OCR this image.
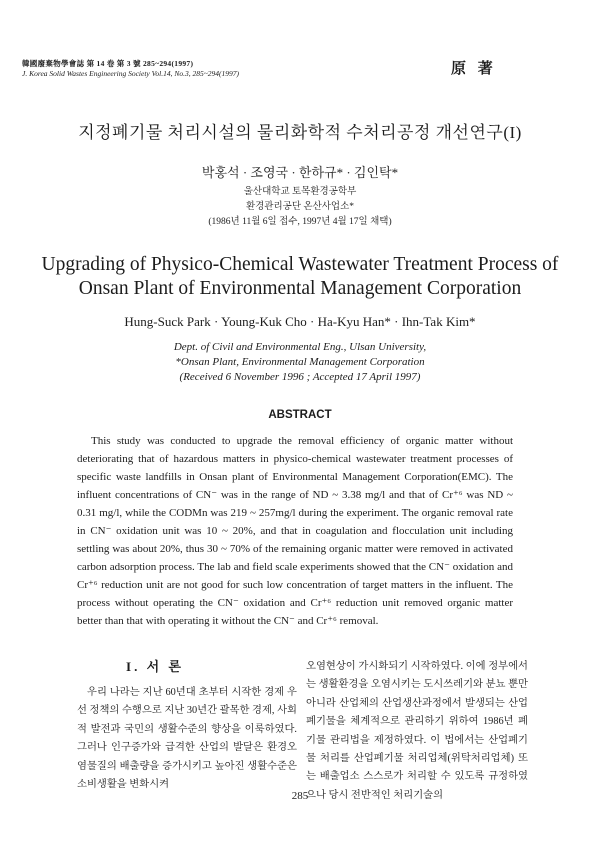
韓國廢棄物學會誌 第 14 卷 第 3 號 285~294(1997)
J. Korea Solid Wastes Engineering Society Vol.14, No.3, 285~294(1997)	原 著
지정폐기물 처리시설의 물리화학적 수처리공정 개선연구(I)
박홍석 · 조영국 · 한하규* · 김인탁*
울산대학교 토목환경공학부
환경관리공단 온산사업소*
(1986년 11월 6일 접수, 1997년 4월 17일 채택)
Upgrading of Physico-Chemical Wastewater Treatment Process of Onsan Plant of Environmental Management Corporation
Hung-Suck Park · Young-Kuk Cho · Ha-Kyu Han* · Ihn-Tak Kim*
Dept. of Civil and Environmental Eng., Ulsan University,
*Onsan Plant, Environmental Management Corporation
(Received 6 November 1996 ; Accepted 17 April 1997)
ABSTRACT

This study was conducted to upgrade the removal efficiency of organic matter without deteriorating that of hazardous matters in physico-chemical wastewater treatment processes of specific waste landfills in Onsan plant of Environmental Management Corporation(EMC). The influent concentrations of CN⁻ was in the range of ND ~ 3.38 mg/l and that of Cr⁺⁶ was ND ~ 0.31 mg/l, while the CODMn was 219 ~ 257mg/l during the experiment. The organic removal rate in CN⁻ oxidation unit was 10 ~ 20%, and that in coagulation and flocculation unit including settling was about 20%, thus 30 ~ 70% of the remaining organic matter were removed in activated carbon adsorption process. The lab and field scale experiments showed that the CN⁻ oxidation and Cr⁺⁶ reduction unit are not good for such low concentration of target matters in the influent. The process without operating the CN⁻ oxidation and Cr⁺⁶ reduction unit removed organic matter better than that with operating it without the CN⁻ and Cr⁺⁶ removal.

I. 서 론

우리 나라는 지난 60년대 초부터 시작한 경제 우선 정책의 수행으로 지난 30년간 괄목한 경제, 사회적 발전과 국민의 생활수준의 향상을 이룩하였다. 그러나 인구증가와 급격한 산업의 발달은 환경오염물질의 배출량을 증가시키고 높아진 생활수준은 소비생활을 변화시켜

오염현상이 가시화되기 시작하였다. 이에 정부에서는 생활환경을 오염시키는 도시쓰레기와 분뇨 뿐만 아니라 산업체의 산업생산과정에서 발생되는 산업폐기물을 체계적으로 관리하기 위하여 1986년 폐기물 관리법을 제정하였다. 이 법에서는 산업폐기물 처리를 산업폐기물 처리업체(위탁처리업체) 또는 배출업소 스스로가 처리할 수 있도록 규정하였으나 당시 전반적인 처리기술의

285
